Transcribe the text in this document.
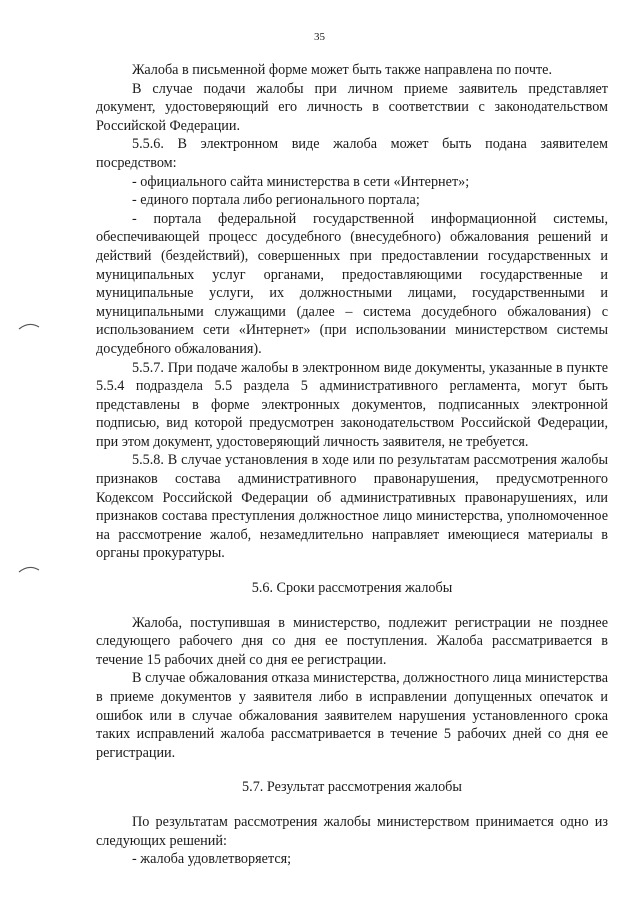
35

Жалоба в письменной форме может быть также направлена по почте.

В случае подачи жалобы при личном приеме заявитель представляет документ, удостоверяющий его личность в соответствии с законодательством Российской Федерации.

5.5.6. В электронном виде жалоба может быть подана заявителем посредством:

- официального сайта министерства в сети «Интернет»;

- единого портала либо регионального портала;

- портала федеральной государственной информационной системы, обеспечивающей процесс досудебного (внесудебного) обжалования решений и действий (бездействий), совершенных при предоставлении государственных и муниципальных услуг органами, предоставляющими государственные и муниципальные услуги, их должностными лицами, государственными и муниципальными служащими (далее – система досудебного обжалования) с использованием сети «Интернет» (при использовании министерством системы досудебного обжалования).

5.5.7. При подаче жалобы в электронном виде документы, указанные в пункте 5.5.4 подраздела 5.5 раздела 5 административного регламента, могут быть представлены в форме электронных документов, подписанных электронной подписью, вид которой предусмотрен законодательством Российской Федерации, при этом документ, удостоверяющий личность заявителя, не требуется.

5.5.8. В случае установления в ходе или по результатам рассмотрения жалобы признаков состава административного правонарушения, предусмотренного Кодексом Российской Федерации об административных правонарушениях, или признаков состава преступления должностное лицо министерства, уполномоченное на рассмотрение жалоб, незамедлительно направляет имеющиеся материалы в органы прокуратуры.

5.6. Сроки рассмотрения жалобы

Жалоба, поступившая в министерство, подлежит регистрации не позднее следующего рабочего дня со дня ее поступления. Жалоба рассматривается в течение 15 рабочих дней со дня ее регистрации.

В случае обжалования отказа министерства, должностного лица министерства в приеме документов у заявителя либо в исправлении допущенных опечаток и ошибок или в случае обжалования заявителем нарушения установленного срока таких исправлений жалоба рассматривается в течение 5 рабочих дней со дня ее регистрации.

5.7. Результат рассмотрения жалобы

По результатам рассмотрения жалобы министерством принимается одно из следующих решений:

- жалоба удовлетворяется;
